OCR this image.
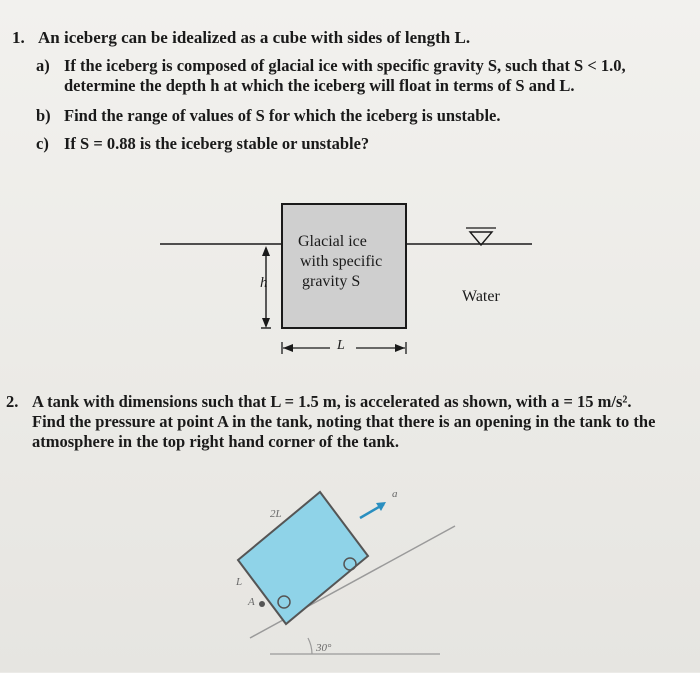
1. An iceberg can be idealized as a cube with sides of length L.
a) If the iceberg is composed of glacial ice with specific gravity S, such that S < 1.0,
determine the depth h at which the iceberg will float in terms of S and L.
b) Find the range of values of S for which the iceberg is unstable.
c) If S = 0.88 is the iceberg stable or unstable?
Glacial ice
with specific
gravity S
Water
h
L
2. A tank with dimensions such that L = 1.5 m, is accelerated as shown, with a = 15 m/s².
Find the pressure at point A in the tank, noting that there is an opening in the tank to the
atmosphere in the top right hand corner of the tank.
2L
L
a
30°
A
